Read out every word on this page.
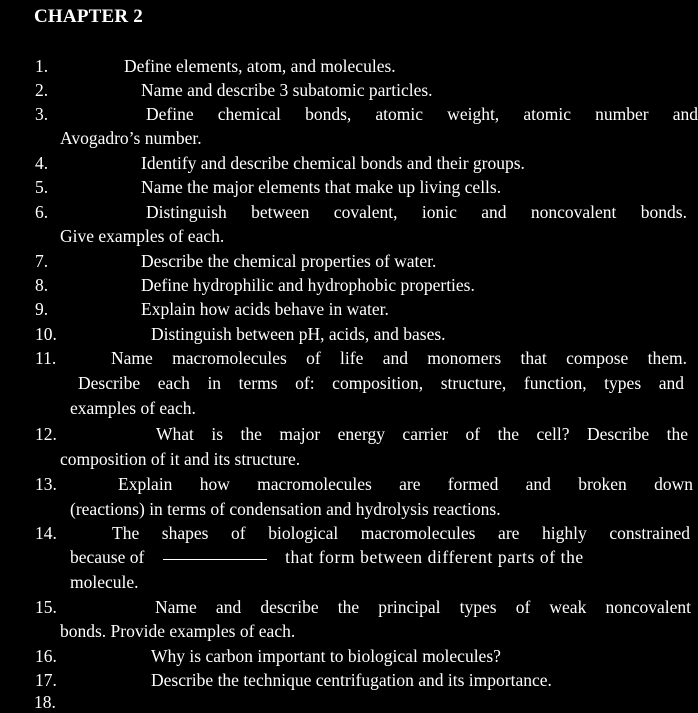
CHAPTER 2
1.	Define elements, atom, and molecules.
2.	Name and describe 3 subatomic particles.
3.	Define chemical bonds, atomic weight, atomic number and
Avogadro’s number.
4.	Identify and describe chemical bonds and their groups.
5.	Name the major elements that make up living cells.
6.	Distinguish between covalent, ionic and noncovalent bonds.
Give examples of each.
7.	Describe the chemical properties of water.
8.	Define hydrophilic and hydrophobic properties.
9.	Explain how acids behave in water.
10.	Distinguish between pH, acids, and bases.
11.	Name macromolecules of life and monomers that compose them.
Describe each in terms of: composition, structure, function, types and
examples of each.
12.	What is the major energy carrier of the cell? Describe the
composition of it and its structure.
13.	Explain how macromolecules are formed and broken down
(reactions) in terms of condensation and hydrolysis reactions.
14.	The shapes of biological macromolecules are highly constrained
because of	that form between different parts of the
molecule.
15.	Name and describe the principal types of weak noncovalent
bonds. Provide examples of each.
16.	Why is carbon important to biological molecules?
17.	Describe the technique centrifugation and its importance.
18.
